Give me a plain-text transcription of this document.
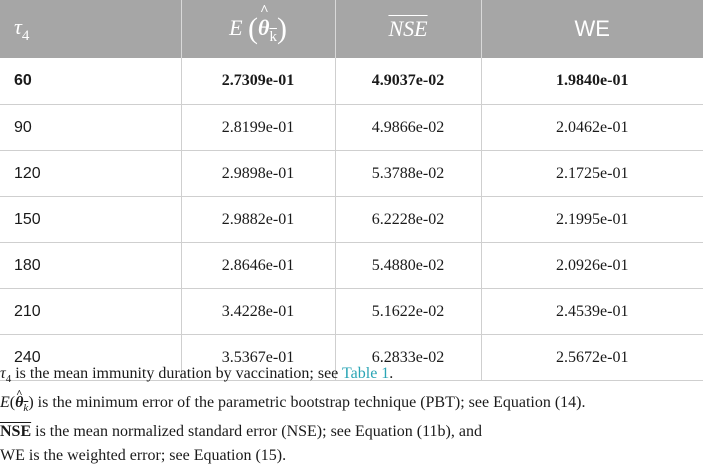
$\tau_4$	E (^ $\theta_{\overline{k}}$)	$\overline{NSE}$	WE
60	2.7309e-01	4.9037e-02	1.9840e-01
90	2.8199e-01	4.9866e-02	2.0462e-01
120	2.9898e-01	5.3788e-02	2.1725e-01
150	2.9882e-01	6.2228e-02	2.1995e-01
180	2.8646e-01	5.4880e-02	2.0926e-01
210	3.4228e-01	5.1622e-02	2.4539e-01
240	3.5367e-01	6.2833e-02	2.5672e-01

$\tau_4$ is the mean immunity duration by vaccination; see Table 1.

E(^ $\theta_{\overline{k}}$) is the minimum error of the parametric bootstrap technique (PBT); see Equation (14).

$\overline{NSE}$ is the mean normalized standard error (NSE); see Equation (11b), and

WE is the weighted error; see Equation (15).
